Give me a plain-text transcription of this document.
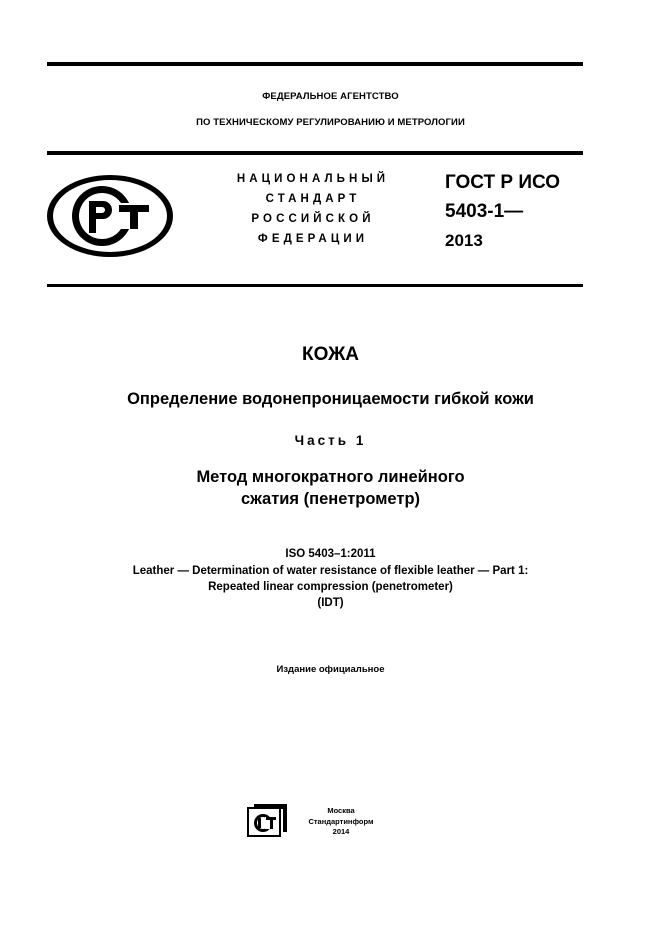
ФЕДЕРАЛЬНОЕ АГЕНТСТВО
ПО ТЕХНИЧЕСКОМУ РЕГУЛИРОВАНИЮ И МЕТРОЛОГИИ
НАЦИОНАЛЬНЫЙ
СТАНДАРТ
РОССИЙСКОЙ
ФЕДЕРАЦИИ
ГОСТ Р ИСО
5403-1—
2013
КОЖА
Определение водонепроницаемости гибкой кожи
Часть 1
Метод многократного линейного
сжатия (пенетрометр)
ISO 5403–1:2011
Leather — Determination of water resistance of flexible leather — Part 1:
Repeated linear compression (penetrometer)
(IDT)
Издание официальное
Москва
Стандартинформ
2014
